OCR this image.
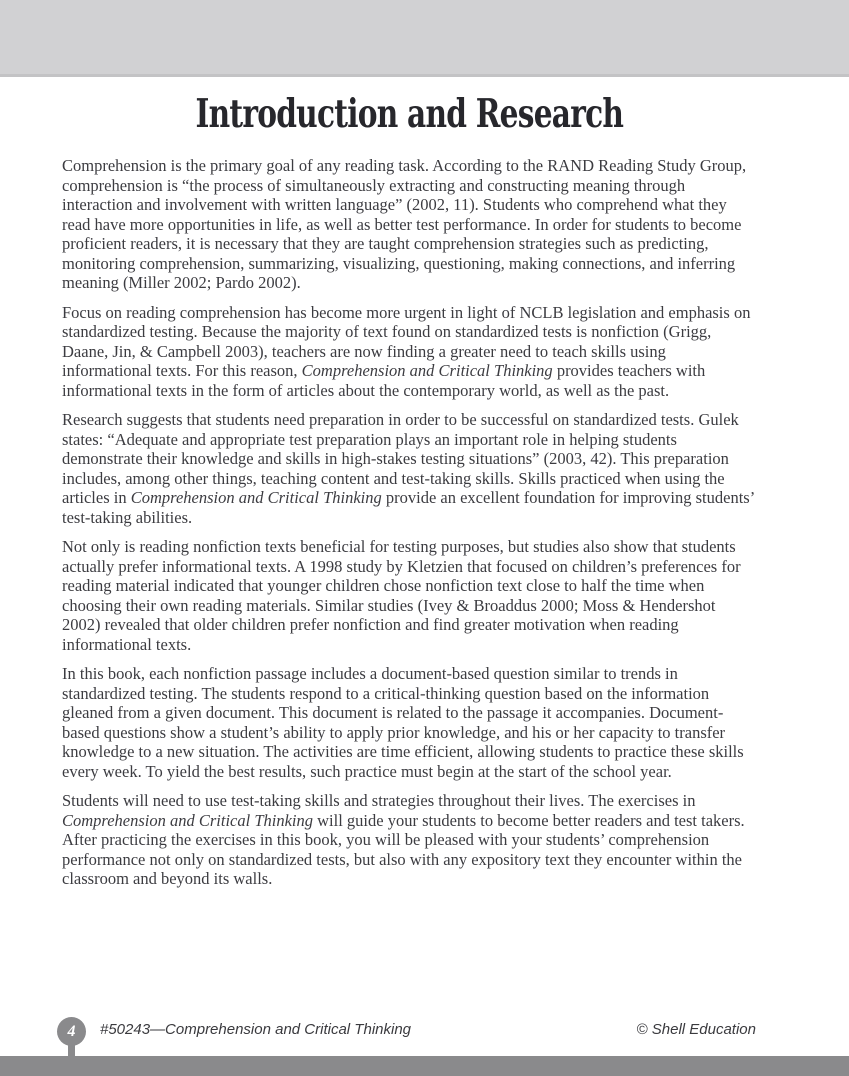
Introduction and Research

Comprehension is the primary goal of any reading task. According to the RAND Reading Study Group, comprehension is “the process of simultaneously extracting and constructing meaning through interaction and involvement with written language” (2002, 11). Students who comprehend what they read have more opportunities in life, as well as better test performance. In order for students to become proficient readers, it is necessary that they are taught comprehension strategies such as predicting, monitoring comprehension, summarizing, visualizing, questioning, making connections, and inferring meaning (Miller 2002; Pardo 2002).

Focus on reading comprehension has become more urgent in light of NCLB legislation and emphasis on standardized testing. Because the majority of text found on standardized tests is nonfiction (Grigg, Daane, Jin, & Campbell 2003), teachers are now finding a greater need to teach skills using informational texts. For this reason, Comprehension and Critical Thinking provides teachers with informational texts in the form of articles about the contemporary world, as well as the past.

Research suggests that students need preparation in order to be successful on standardized tests. Gulek states: “Adequate and appropriate test preparation plays an important role in helping students demonstrate their knowledge and skills in high-stakes testing situations” (2003, 42). This preparation includes, among other things, teaching content and test-taking skills. Skills practiced when using the articles in Comprehension and Critical Thinking provide an excellent foundation for improving students’ test-taking abilities.

Not only is reading nonfiction texts beneficial for testing purposes, but studies also show that students actually prefer informational texts. A 1998 study by Kletzien that focused on children’s preferences for reading material indicated that younger children chose nonfiction text close to half the time when choosing their own reading materials. Similar studies (Ivey & Broaddus 2000; Moss & Hendershot 2002) revealed that older children prefer nonfiction and find greater motivation when reading informational texts.

In this book, each nonfiction passage includes a document-based question similar to trends in standardized testing. The students respond to a critical-thinking question based on the information gleaned from a given document. This document is related to the passage it accompanies. Document-based questions show a student’s ability to apply prior knowledge, and his or her capacity to transfer knowledge to a new situation. The activities are time efficient, allowing students to practice these skills every week. To yield the best results, such practice must begin at the start of the school year.

Students will need to use test-taking skills and strategies throughout their lives. The exercises in Comprehension and Critical Thinking will guide your students to become better readers and test takers. After practicing the exercises in this book, you will be pleased with your students’ comprehension performance not only on standardized tests, but also with any expository text they encounter within the classroom and beyond its walls.

4 #50243—Comprehension and Critical Thinking	© Shell Education
